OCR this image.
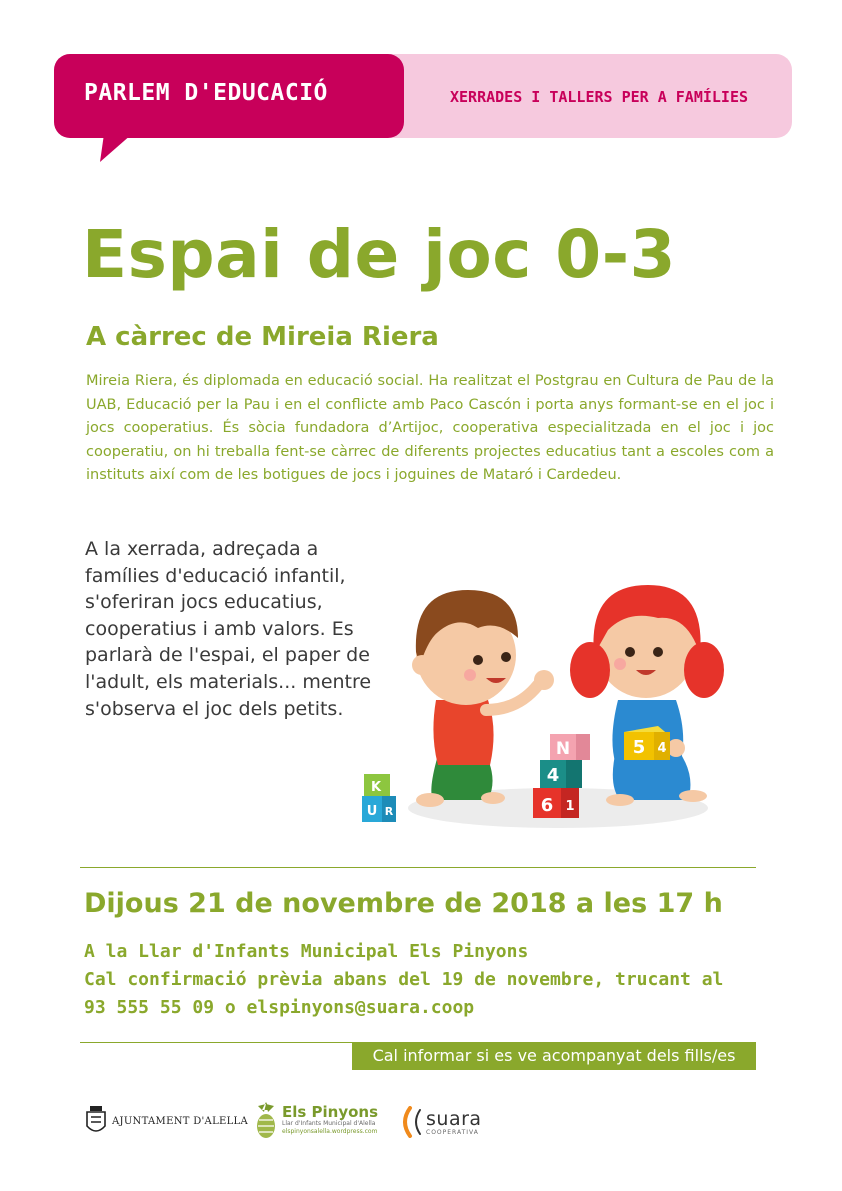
PARLEM D'EDUCACIÓ	XERRADES I TALLERS PER A FAMÍLIES
Espai de joc 0-3
A càrrec de Mireia Riera
Mireia Riera, és diplomada en educació social. Ha realitzat el Postgrau en Cultura de Pau de la UAB, Educació per la Pau i en el conflicte amb Paco Cascón i porta anys formant-se en el joc i jocs cooperatius. És sòcia fundadora d’Artijoc, cooperativa especialitzada en el joc i joc cooperatiu, on hi treballa fent-se càrrec de diferents projectes educatius tant a escoles com a instituts així com de les botigues de jocs i joguines de Mataró i Cardedeu.
A la xerrada, adreçada a famílies d'educació infantil, s'oferiran jocs educatius, cooperatius i amb valors. Es parlarà de l'espai, el paper de l'adult, els materials... mentre s'observa el joc dels petits.
5 4
6 1
4
N
K
U R
Dijous 21 de novembre de 2018 a les 17 h
A la Llar d'Infants Municipal Els Pinyons
Cal confirmació prèvia abans del 19 de novembre, trucant al
93 555 55 09 o elspinyons@suara.coop
Cal informar si es ve acompanyat dels fills/es
AJUNTAMENT D'ALELLA Els Pinyons
Llar d'Infants Municipal d'Alella
elspinyonsalella.wordpress.com
suara
COOPERATIVA
